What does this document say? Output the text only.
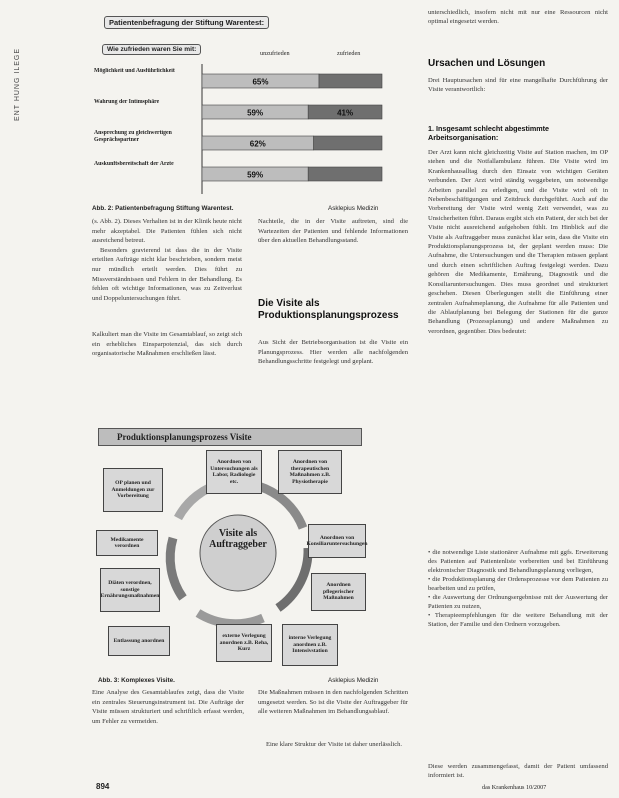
ENT HUNG ILEGE
Patientenbefragung der Stiftung Warentest:
Wie zufrieden waren Sie mit:
unzufrieden	zufrieden
Möglichkeit und Ausführlichkeit
65%
Wahrung der Intimsphäre
59%	41%
Ansprechung zu gleichwertigen Gesprächspartner	62%
Auskunftsbereitschaft der Ärzte
59%
Abb. 2: Patientenbefragung Stiftung Warentest.	Asklepius Medizin
unterschiedlich, insofern nicht mit nur eine Ressourcen nicht optimal eingesetzt werden.
Ursachen und Lösungen
Drei Hauptursachen sind für eine mangelhafte Durchführung der Visite verantwortlich:
1. Insgesamt schlecht abgestimmte Arbeitsorganisation:
Der Arzt kann nicht gleichzeitig Visite auf Station machen, im OP stehen und die Notfallambulanz führen. Die Visite wird im Krankenhausalltag durch den Einsatz von wichtigen Geräten verbunden. Der Arzt wird ständig weggebeten, um notwendige Arbeiten parallel zu erledigen, und die Visite wird oft in Nebenbeschäftigungen und Zeitdruck durchgeführt. Auch auf die Vorbereitung der Visite wird wenig Zeit verwendet, was zu Unsicherheiten führt. Daraus ergibt sich ein Patient, der sich bei der Visite nicht ausreichend aufgehoben fühlt. Im Hinblick auf die Visite als Auftraggeber muss zunächst klar sein, dass die Visite ein Produktionsplanungsprozess ist, der geplant werden muss: Die Aufnahme, die Untersuchungen und die Therapien müssen geplant und durch einen schriftlichen Auftrag festgelegt werden. Dazu gehören die Medikamente, Ernährung, Diagnostik und die Konsiliaruntersuchungen. Dies muss geordnet und strukturiert geschehen. Diesen Überlegungen stellt die Einführung einer zentralen Aufnahmeplanung, die Aufnahme für alle Patienten und die Ablaufplanung bei Belegung der Stationen für die ganze Behandlung (Prozessplanung) und andere Maßnahmen zu verordnen, gegenüber. Dies bedeutet:
• die notwendige Liste stationärer Aufnahme mit ggfs. Erweiterung des Patienten auf Patientenliste vorbereiten und bei Einführung elektronischer Diagnostik und Behandlungsplanung vorliegen,
• die Produktionsplanung der Ordensprozesse vor dem Patienten zu bearbeiten und zu prüfen,
• die Auswertung der Ordnungsergebnisse mit der Auswertung der Patienten zu nutzen,
• Therapieempfehlungen für die weitere Behandlung mit der Station, der Familie und den Ordnern vorzugeben.
Diese werden zusammengefasst, damit der Patient umfassend informiert ist.

(s. Abb. 2). Dieses Verhalten ist in der Klinik heute nicht mehr akzeptabel. Die Patienten fühlen sich nicht ausreichend betreut.

Besonders gravierend ist dass die in der Visite erteilten Aufträge nicht klar beschrieben, sondern meist nur mündlich erteilt werden. Dies führt zu Missverständnissen und Fehlern in der Behandlung. Es fehlen oft wichtige Informationen, was zu Zeitverlust und Doppeluntersuchungen führt.

Kalkuliert man die Visite im Gesamtablauf, so zeigt sich ein erhebliches Einsparpotenzial, das sich durch organisatorische Maßnahmen erschließen lässt.
Nachteile, die in der Visite auftreten, sind die Wartezeiten der Patienten und fehlende Informationen über den aktuellen Behandlungsstand.
Die Visite als Produktionsplanungsprozess
Aus Sicht der Betriebsorganisation ist die Visite ein Planungsprozess. Hier werden alle nachfolgenden Behandlungsschritte festgelegt und geplant.
Produktionsplanungsprozess Visite
Visite als Auftraggeber
OP planen und Anmeldungen zur Vorbereitung
Anordnen von Untersuchungen als Labor, Radiologie etc.
Anordnen von therapeutischen Maßnahmen z.B. Physiotherapie
Medikamente verordnen
Anordnen von Konsiliaruntersuchungen
Diäten verordnen, sonstige Ernährungsmaßnahmen
Anordnen pflegerischer Maßnahmen
Entlassung anordnen
externe Verlegung anordnen z.B. Reha, Kurz
interne Verlegung anordnen z.B. Intensivstation
Abb. 3: Komplexes Visite.	Asklepius Medizin
Eine Analyse des Gesamtablaufes zeigt, dass die Visite ein zentrales Steuerungsinstrument ist. Die Aufträge der Visite müssen strukturiert und schriftlich erfasst werden, um Fehler zu vermeiden.
Die Maßnahmen müssen in den nachfolgenden Schritten umgesetzt werden. So ist die Visite der Auftraggeber für alle weiteren Maßnahmen im Behandlungsablauf.
Eine klare Struktur der Visite ist daher unerlässlich.
894	das Krankenhaus 10/2007
